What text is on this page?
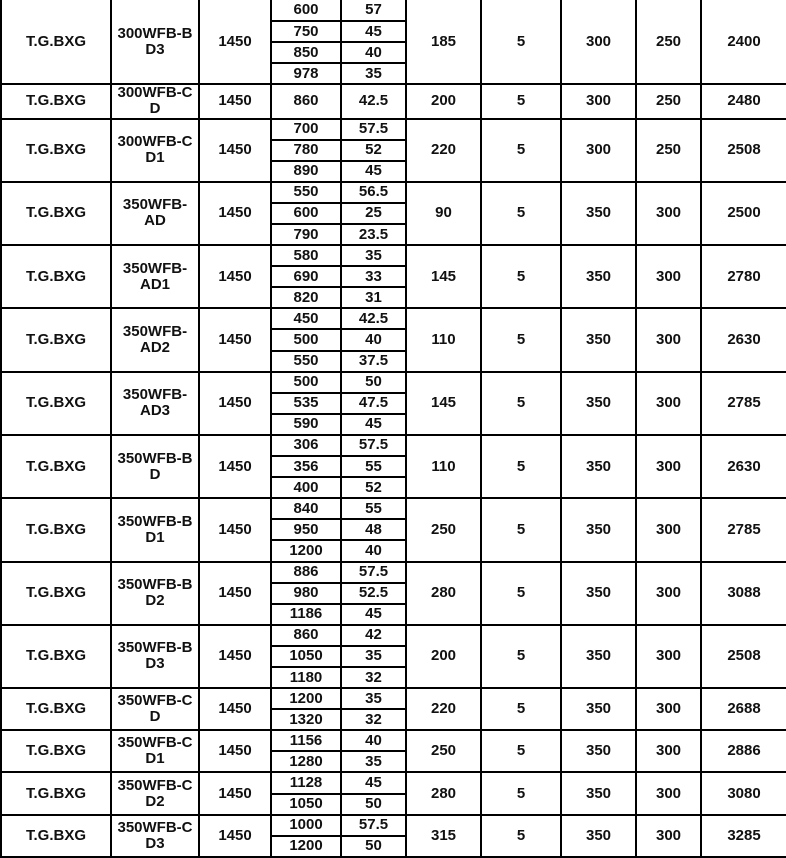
T.G.BXG	300WFB-B D3	1450	600	57	185	5	300	250	2400
			750	45					
			850	40					
			978	35					
T.G.BXG	300WFB-C D	1450	860	42.5	200	5	300	250	2480
T.G.BXG	300WFB-C D1	1450	700	57.5	220	5	300	250	2508
			780	52					
			890	45					
T.G.BXG	350WFB-AD	1450	550	56.5	90	5	350	300	2500
			600	25					
			790	23.5					
T.G.BXG	350WFB-AD1	1450	580	35	145	5	350	300	2780
			690	33					
			820	31					
T.G.BXG	350WFB-AD2	1450	450	42.5	110	5	350	300	2630
			500	40					
			550	37.5					
T.G.BXG	350WFB-AD3	1450	500	50	145	5	350	300	2785
			535	47.5					
			590	45					
T.G.BXG	350WFB-B D	1450	306	57.5	110	5	350	300	2630
			356	55					
			400	52					
T.G.BXG	350WFB-B D1	1450	840	55	250	5	350	300	2785
			950	48					
			1200	40					
T.G.BXG	350WFB-B D2	1450	886	57.5	280	5	350	300	3088
			980	52.5					
			1186	45					
T.G.BXG	350WFB-B D3	1450	860	42	200	5	350	300	2508
			1050	35					
			1180	32					
T.G.BXG	350WFB-C D	1450	1200	35	220	5	350	300	2688
			1320	32					
T.G.BXG	350WFB-C D1	1450	1156	40	250	5	350	300	2886
			1280	35					
T.G.BXG	350WFB-C D2	1450	1128	45	280	5	350	300	3080
			1050	50					
T.G.BXG	350WFB-C D3	1450	1000	57.5	315	5	350	300	3285
			1200	50					
